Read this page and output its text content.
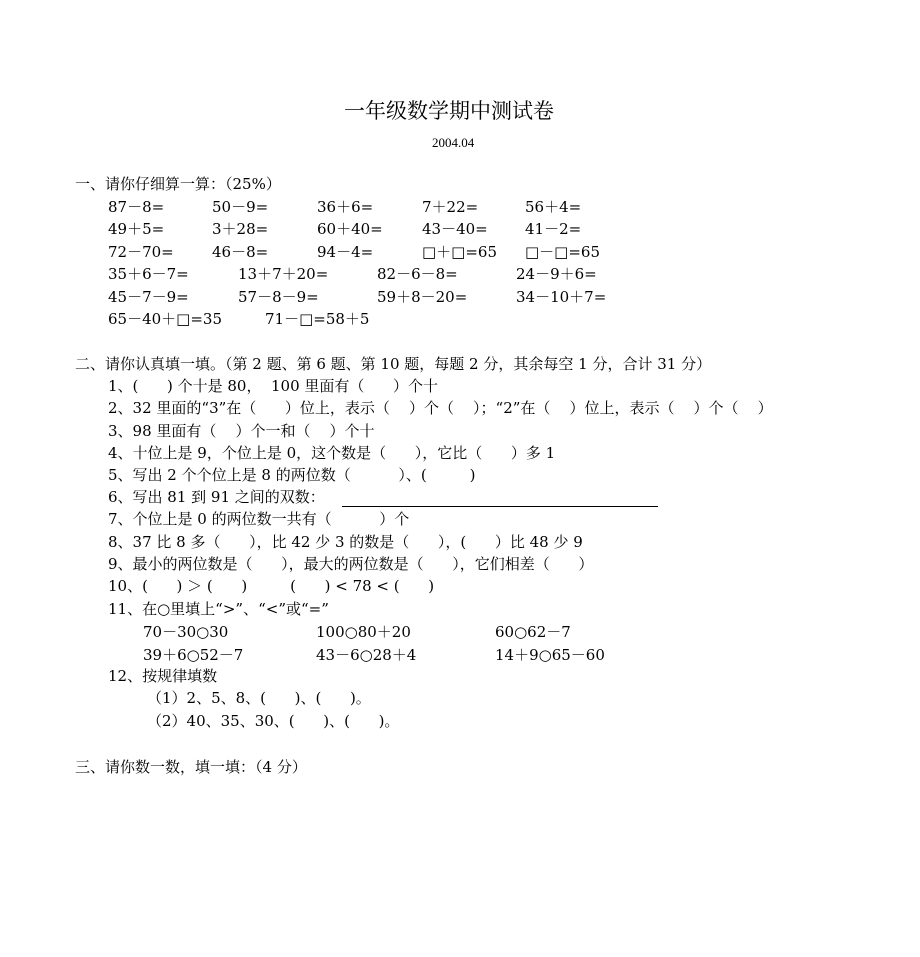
一年级数学期中测试卷
2004.04
一、请你仔细算一算：（25%）
87－8=	50－9=	36＋6=	7＋22=	56＋4=
49＋5=	3＋28=	60＋40=	43－40= 41－2=
72－70=	46－8=	94－4=	□＋□=65 □－□=65
35＋6－7=	13＋7＋20=	82－6－8=	24－9＋6=
45－7－9=	57－8－9=	59＋8－20=	34－10＋7=
65－40＋□=35	71－□=58＋5
二、请你认真填一填。（第 2 题、第 6 题、第 10 题，每题 2 分，其余每空 1 分，合计 31 分）
1、(      ) 个十是 80，  100 里面有（      ）个十
2、32 里面的“3”在（      ）位上，表示（    ）个（    ）；“2”在（    ）位上，表示（    ）个（    ）
3、98 里面有（    ）个一和（    ）个十
4、十位上是 9，个位上是 0，这个数是（      ），它比（      ）多 1
5、写出 2 个个位上是 8 的两位数（          ）、(         )
6、写出 81 到 91 之间的双数：
7、个位上是 0 的两位数一共有（          ）个
8、37 比 8 多（      ），比 42 少 3 的数是（      ），(      ）比 48 少 9
9、最小的两位数是（      ），最大的两位数是（      ），它们相差（      ）
10、(      ) ＞ (      )         (      ) < 78 < (      )
11、在○里填上“>”、“<”或“=”
70－30○30	100○80＋20	60○62－7
39＋6○52－7	43－6○28＋4	14＋9○65－60
12、按规律填数
（1）2、5、8、(      )、(      )。
（2）40、35、30、(      )、(      )。
三、请你数一数，填一填：（4 分）
